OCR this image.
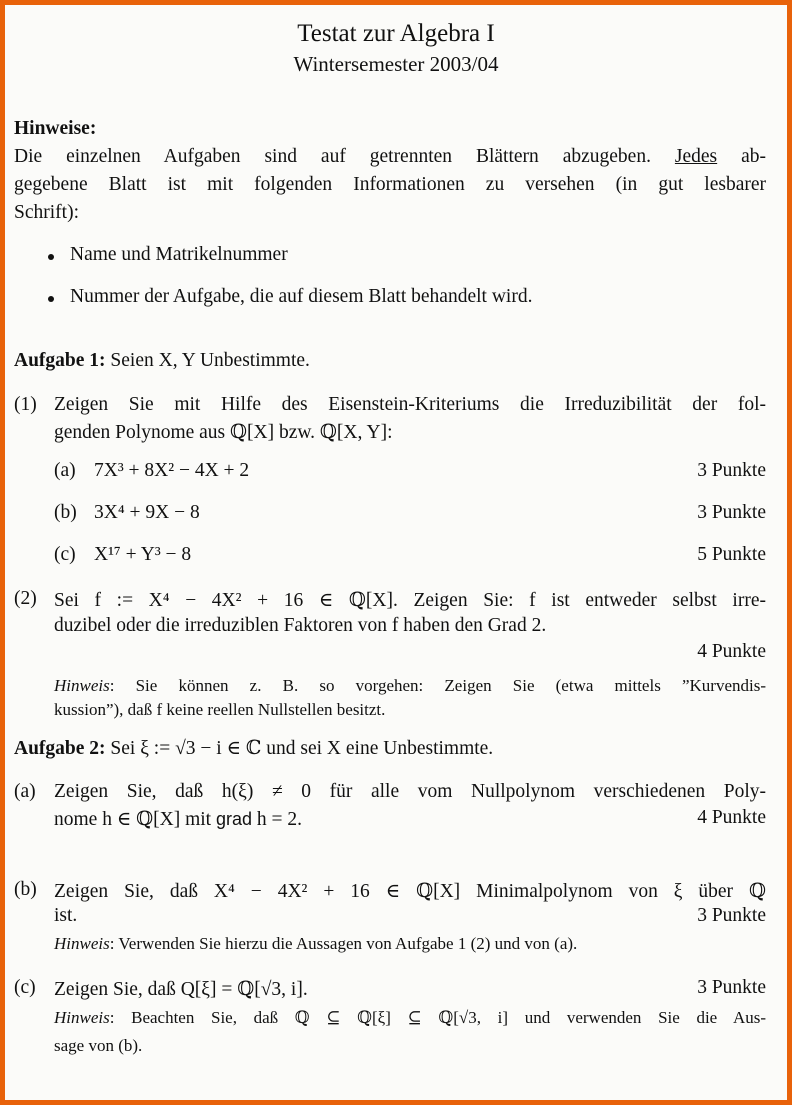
Testat zur Algebra I
Wintersemester 2003/04
Hinweise:
Die einzelnen Aufgaben sind auf getrennten Blättern abzugeben. Jedes ab-
gegebene Blatt ist mit folgenden Informationen zu versehen (in gut lesbarer
Schrift):
Name und Matrikelnummer
Nummer der Aufgabe, die auf diesem Blatt behandelt wird.
Aufgabe 1: Seien X, Y Unbestimmte.
(1) Zeigen Sie mit Hilfe des Eisenstein-Kriteriums die Irreduzibilität der fol-
genden Polynome aus ℚ[X] bzw. ℚ[X, Y]:
(a) 7X³ + 8X² − 4X + 2	3 Punkte
(b) 3X⁴ + 9X − 8	3 Punkte
(c) X¹⁷ + Y³ − 8	5 Punkte
(2) Sei f := X⁴ − 4X² + 16 ∈ ℚ[X]. Zeigen Sie: f ist entweder selbst irre-
duzibel oder die irreduziblen Faktoren von f haben den Grad 2.
4 Punkte
Hinweis: Sie können z. B. so vorgehen: Zeigen Sie (etwa mittels ”Kurvendis-
kussion”), daß f keine reellen Nullstellen besitzt.
Aufgabe 2: Sei ξ := √3 − i ∈ ℂ und sei X eine Unbestimmte.
(a) Zeigen Sie, daß h(ξ) ≠ 0 für alle vom Nullpolynom verschiedenen Poly-
nome h ∈ ℚ[X] mit grad h = 2.	4 Punkte
(b) Zeigen Sie, daß X⁴ − 4X² + 16 ∈ ℚ[X] Minimalpolynom von ξ über ℚ
ist.	3 Punkte
Hinweis: Verwenden Sie hierzu die Aussagen von Aufgabe 1 (2) und von (a).
(c) Zeigen Sie, daß Q[ξ] = ℚ[√3, i].	3 Punkte
Hinweis: Beachten Sie, daß ℚ ⊆ ℚ[ξ] ⊆ ℚ[√3, i] und verwenden Sie die Aus-
sage von (b).
